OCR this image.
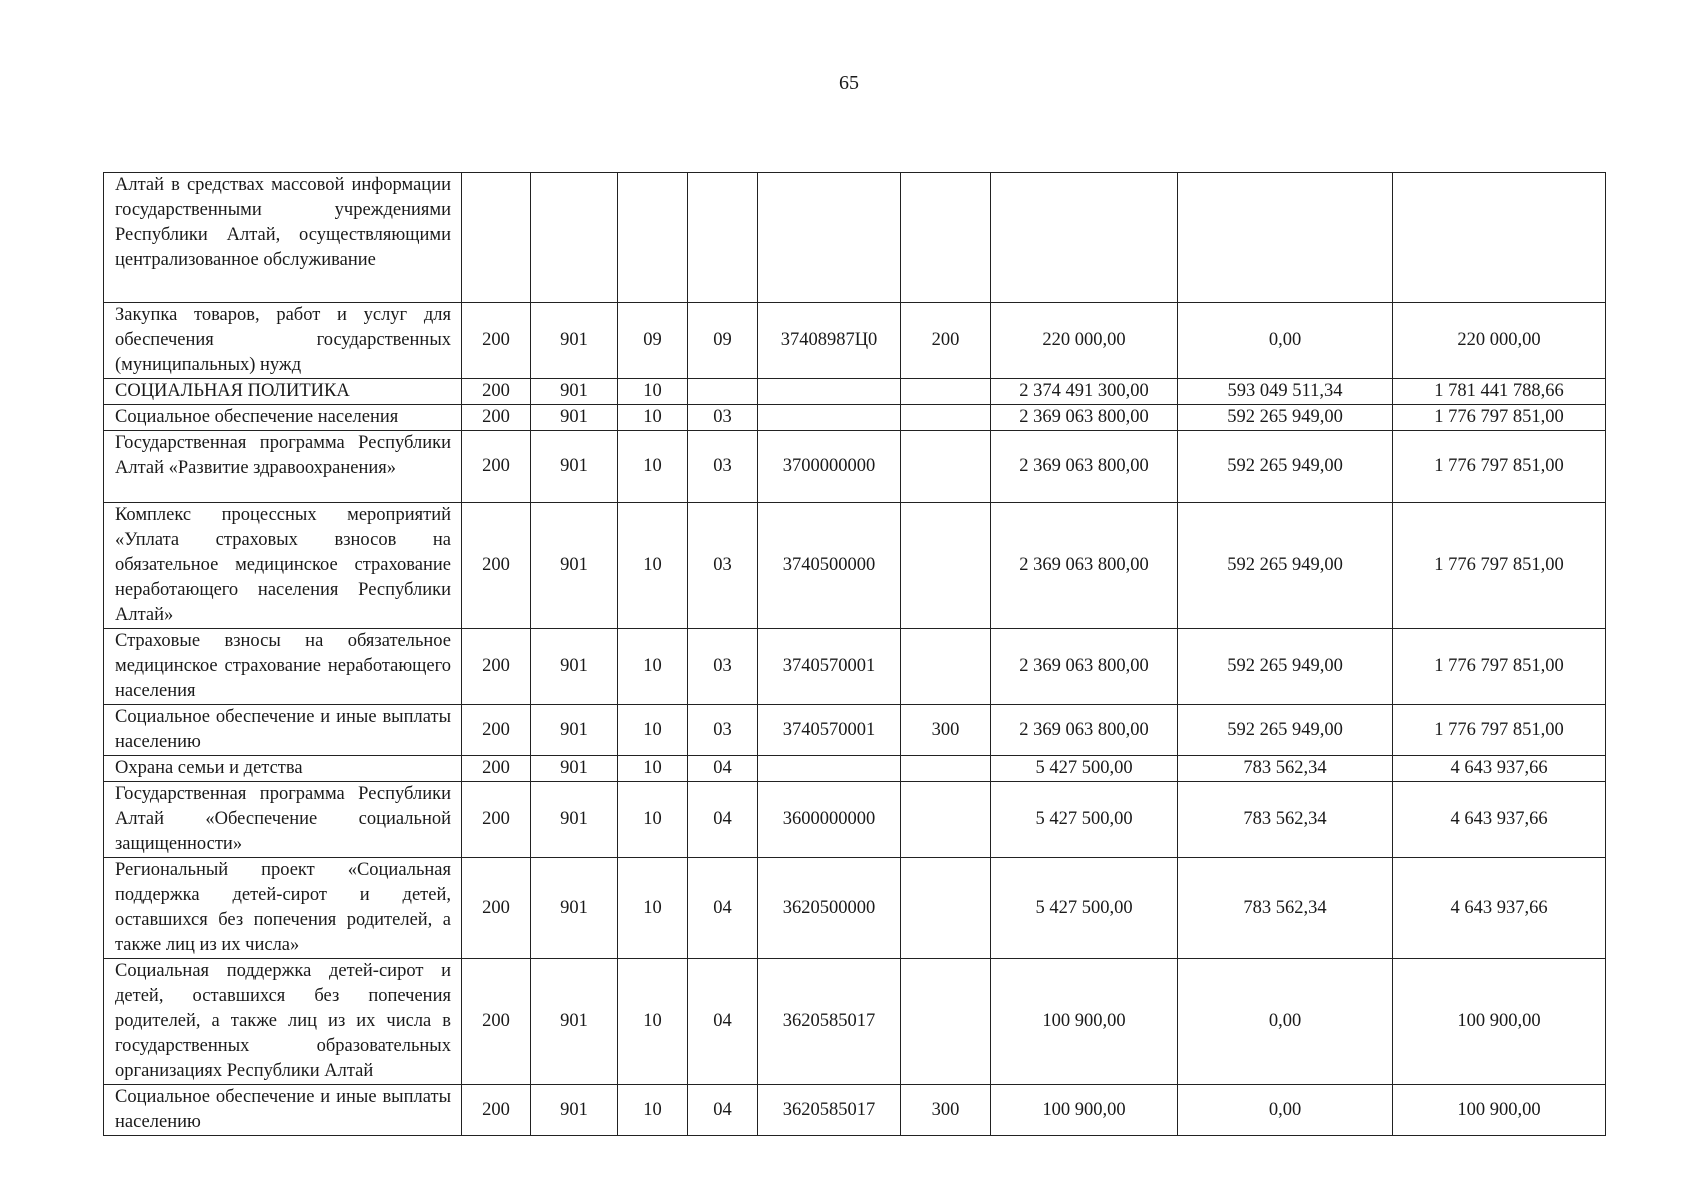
65
Алтай в средствах массовой информации государственными учреждениями Республики Алтай, осуществляющими централизованное обслуживание									
Закупка товаров, работ и услуг для обеспечения государственных (муниципальных) нужд	200	901	09	09	37408987Ц0	200	220 000,00	0,00	220 000,00
СОЦИАЛЬНАЯ ПОЛИТИКА	200	901	10				2 374 491 300,00	593 049 511,34	1 781 441 788,66
Социальное обеспечение населения	200	901	10	03			2 369 063 800,00	592 265 949,00	1 776 797 851,00
Государственная программа Республики Алтай «Развитие здравоохранения»	200	901	10	03	3700000000		2 369 063 800,00	592 265 949,00	1 776 797 851,00
Комплекс процессных мероприятий «Уплата страховых взносов на обязательное медицинское страхование неработающего населения Республики Алтай»	200	901	10	03	3740500000		2 369 063 800,00	592 265 949,00	1 776 797 851,00
Страховые взносы на обязательное медицинское страхование неработающего населения	200	901	10	03	3740570001		2 369 063 800,00	592 265 949,00	1 776 797 851,00
Социальное обеспечение и иные выплаты населению	200	901	10	03	3740570001	300	2 369 063 800,00	592 265 949,00	1 776 797 851,00
Охрана семьи и детства	200	901	10	04			5 427 500,00	783 562,34	4 643 937,66
Государственная программа Республики Алтай «Обеспечение социальной защищенности»	200	901	10	04	3600000000		5 427 500,00	783 562,34	4 643 937,66
Региональный проект «Социальная поддержка детей-сирот и детей, оставшихся без попечения родителей, а также лиц из их числа»	200	901	10	04	3620500000		5 427 500,00	783 562,34	4 643 937,66
Социальная поддержка детей-сирот и детей, оставшихся без попечения родителей, а также лиц из их числа в государственных образовательных организациях Республики Алтай	200	901	10	04	3620585017		100 900,00	0,00	100 900,00
Социальное обеспечение и иные выплаты населению	200	901	10	04	3620585017	300	100 900,00	0,00	100 900,00
